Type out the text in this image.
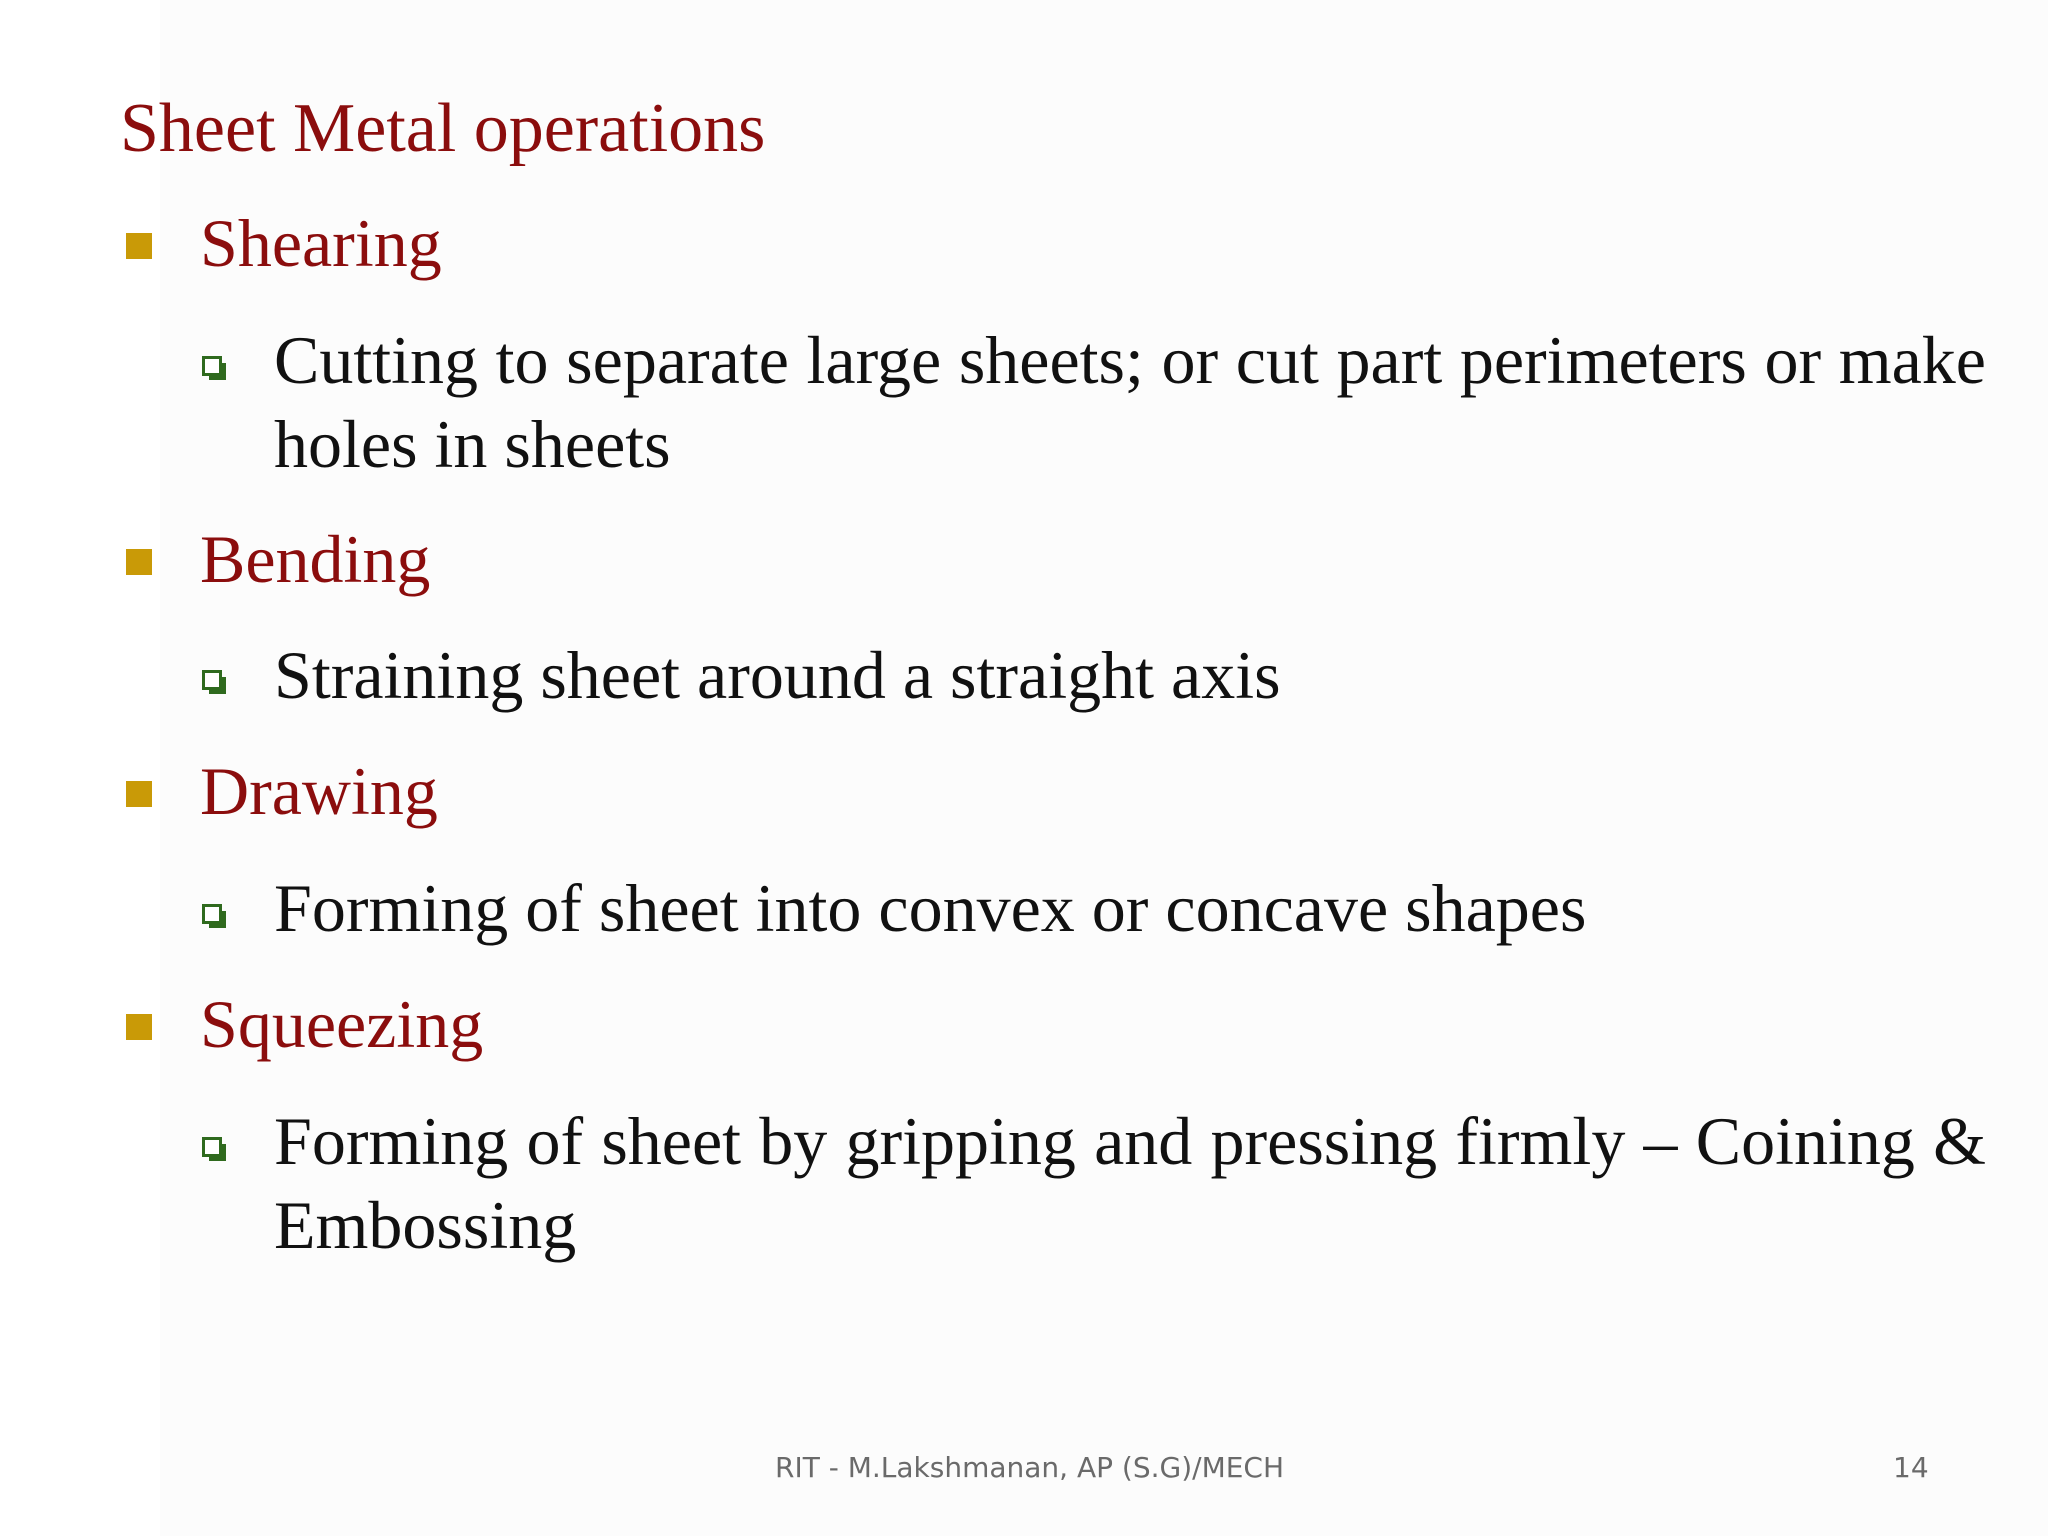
Sheet Metal operations

Shearing

Cutting to separate large sheets; or cut part perimeters or make holes in sheets

Bending

Straining sheet around a straight axis

Drawing

Forming of sheet into convex or concave shapes

Squeezing

Forming of sheet by gripping and pressing firmly – Coining & Embossing

RIT - M.Lakshmanan, AP (S.G)/MECH	14
